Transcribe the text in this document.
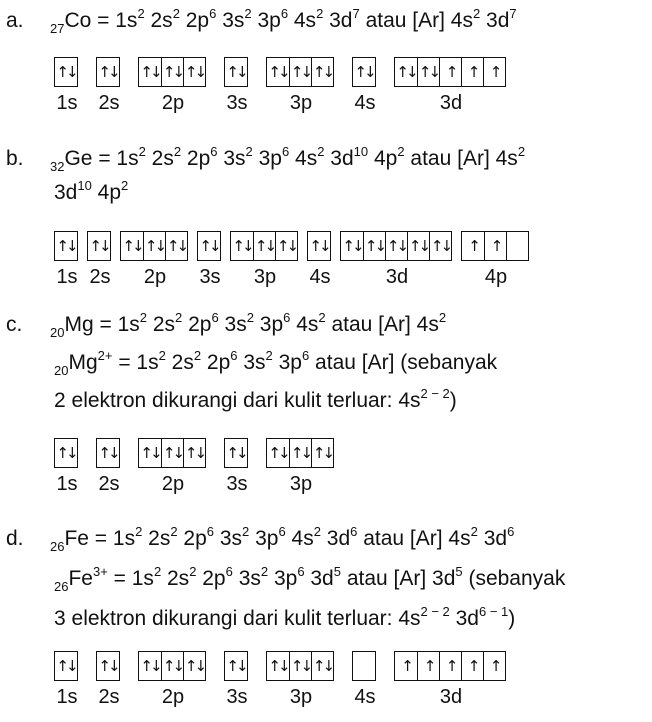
a. $_{27}Co = 1s^2$ $2s^2$ $2p^6$ $3s^2$ $3p^6$ $4s^2$ $3d^7$ atau [Ar] $4s^2$ $3d^7$
↑↓
1s
↑↓
2s
↑↓ ↑↓ ↑↓
2p
↑↓
3s
↑↓ ↑↓ ↑↓
3p
↑↓
4s
↑↓ ↑↓ ↑ ↑ ↑
3d
b. $_{32}Ge = 1s^2$ $2s^2$ $2p^6$ $3s^2$ $3p^6$ $4s^2$ $3d^{10}$ $4p^2$ atau [Ar] $4s^2$
$3d^{10}$ $4p^2$
↑↓
1s
↑↓
2s
↑↓ ↑↓ ↑↓
2p
↑↓
3s
↑↓ ↑↓ ↑↓
3p
↑↓
4s
↑↓ ↑↓ ↑↓ ↑↓ ↑↓
3d
↑ ↑
4p
c. $_{20}Mg = 1s^2$ $2s^2$ $2p^6$ $3s^2$ $3p^6$ $4s^2$ atau [Ar] $4s^2$
$_{20}Mg^{2+} = 1s^2$ $2s^2$ $2p^6$ $3s^2$ $3p^6$ atau [Ar] (sebanyak
2 elektron dikurangi dari kulit terluar: $4s^{2 - 2}$)
↑↓
1s
↑↓
2s
↑↓ ↑↓ ↑↓
2p
↑↓
3s
↑↓ ↑↓ ↑↓
3p
d. $_{26}Fe = 1s^2$ $2s^2$ $2p^6$ $3s^2$ $3p^6$ $4s^2$ $3d^6$ atau [Ar] $4s^2$ $3d^6$
$_{26}Fe^{3+} = 1s^2$ $2s^2$ $2p^6$ $3s^2$ $3p^6$ $3d^5$ atau [Ar] $3d^5$ (sebanyak
3 elektron dikurangi dari kulit terluar: $4s^{2 - 2}$ $3d^{6 - 1}$)
↑↓
1s
↑↓
2s
↑↓ ↑↓ ↑↓
2p
↑↓
3s
↑↓ ↑↓ ↑↓
3p 4s
↑ ↑ ↑ ↑ ↑
3d
